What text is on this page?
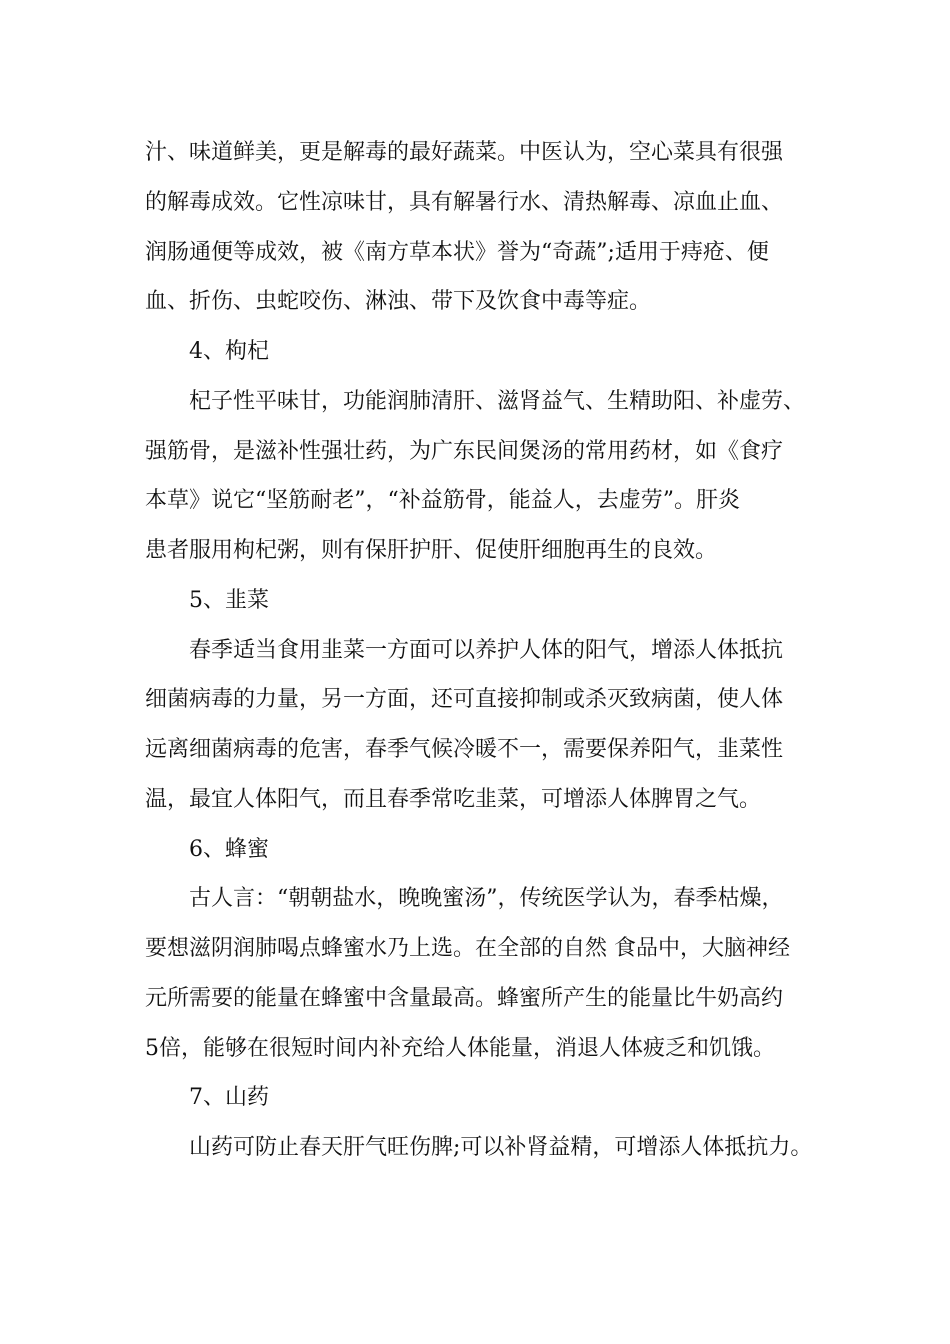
汁、味道鲜美，更是解毒的最好蔬菜。中医认为，空心菜具有很强
的解毒成效。它性凉味甘，具有解暑行水、清热解毒、凉血止血、
润肠通便等成效，被《南方草本状》誉为“奇蔬”;适用于痔疮、便
血、折伤、虫蛇咬伤、淋浊、带下及饮食中毒等症。
4、枸杞
杞子性平味甘，功能润肺清肝、滋肾益气、生精助阳、补虚劳、
强筋骨，是滋补性强壮药，为广东民间煲汤的常用药材，如《食疗
本草》说它“坚筋耐老”，“补益筋骨，能益人，去虚劳”。肝炎
患者服用枸杞粥，则有保肝护肝、促使肝细胞再生的良效。
5、韭菜
春季适当食用韭菜一方面可以养护人体的阳气，增添人体抵抗
细菌病毒的力量，另一方面，还可直接抑制或杀灭致病菌，使人体
远离细菌病毒的危害，春季气候冷暖不一，需要保养阳气，韭菜性
温，最宜人体阳气，而且春季常吃韭菜，可增添人体脾胃之气。
6、蜂蜜
古人言：“朝朝盐水，晚晚蜜汤”，传统医学认为，春季枯燥，
要想滋阴润肺喝点蜂蜜水乃上选。在全部的自然 食品中，大脑神经
元所需要的能量在蜂蜜中含量最高。蜂蜜所产生的能量比牛奶高约
5倍，能够在很短时间内补充给人体能量，消退人体疲乏和饥饿。
7、山药
山药可防止春天肝气旺伤脾;可以补肾益精，可增添人体抵抗力。
